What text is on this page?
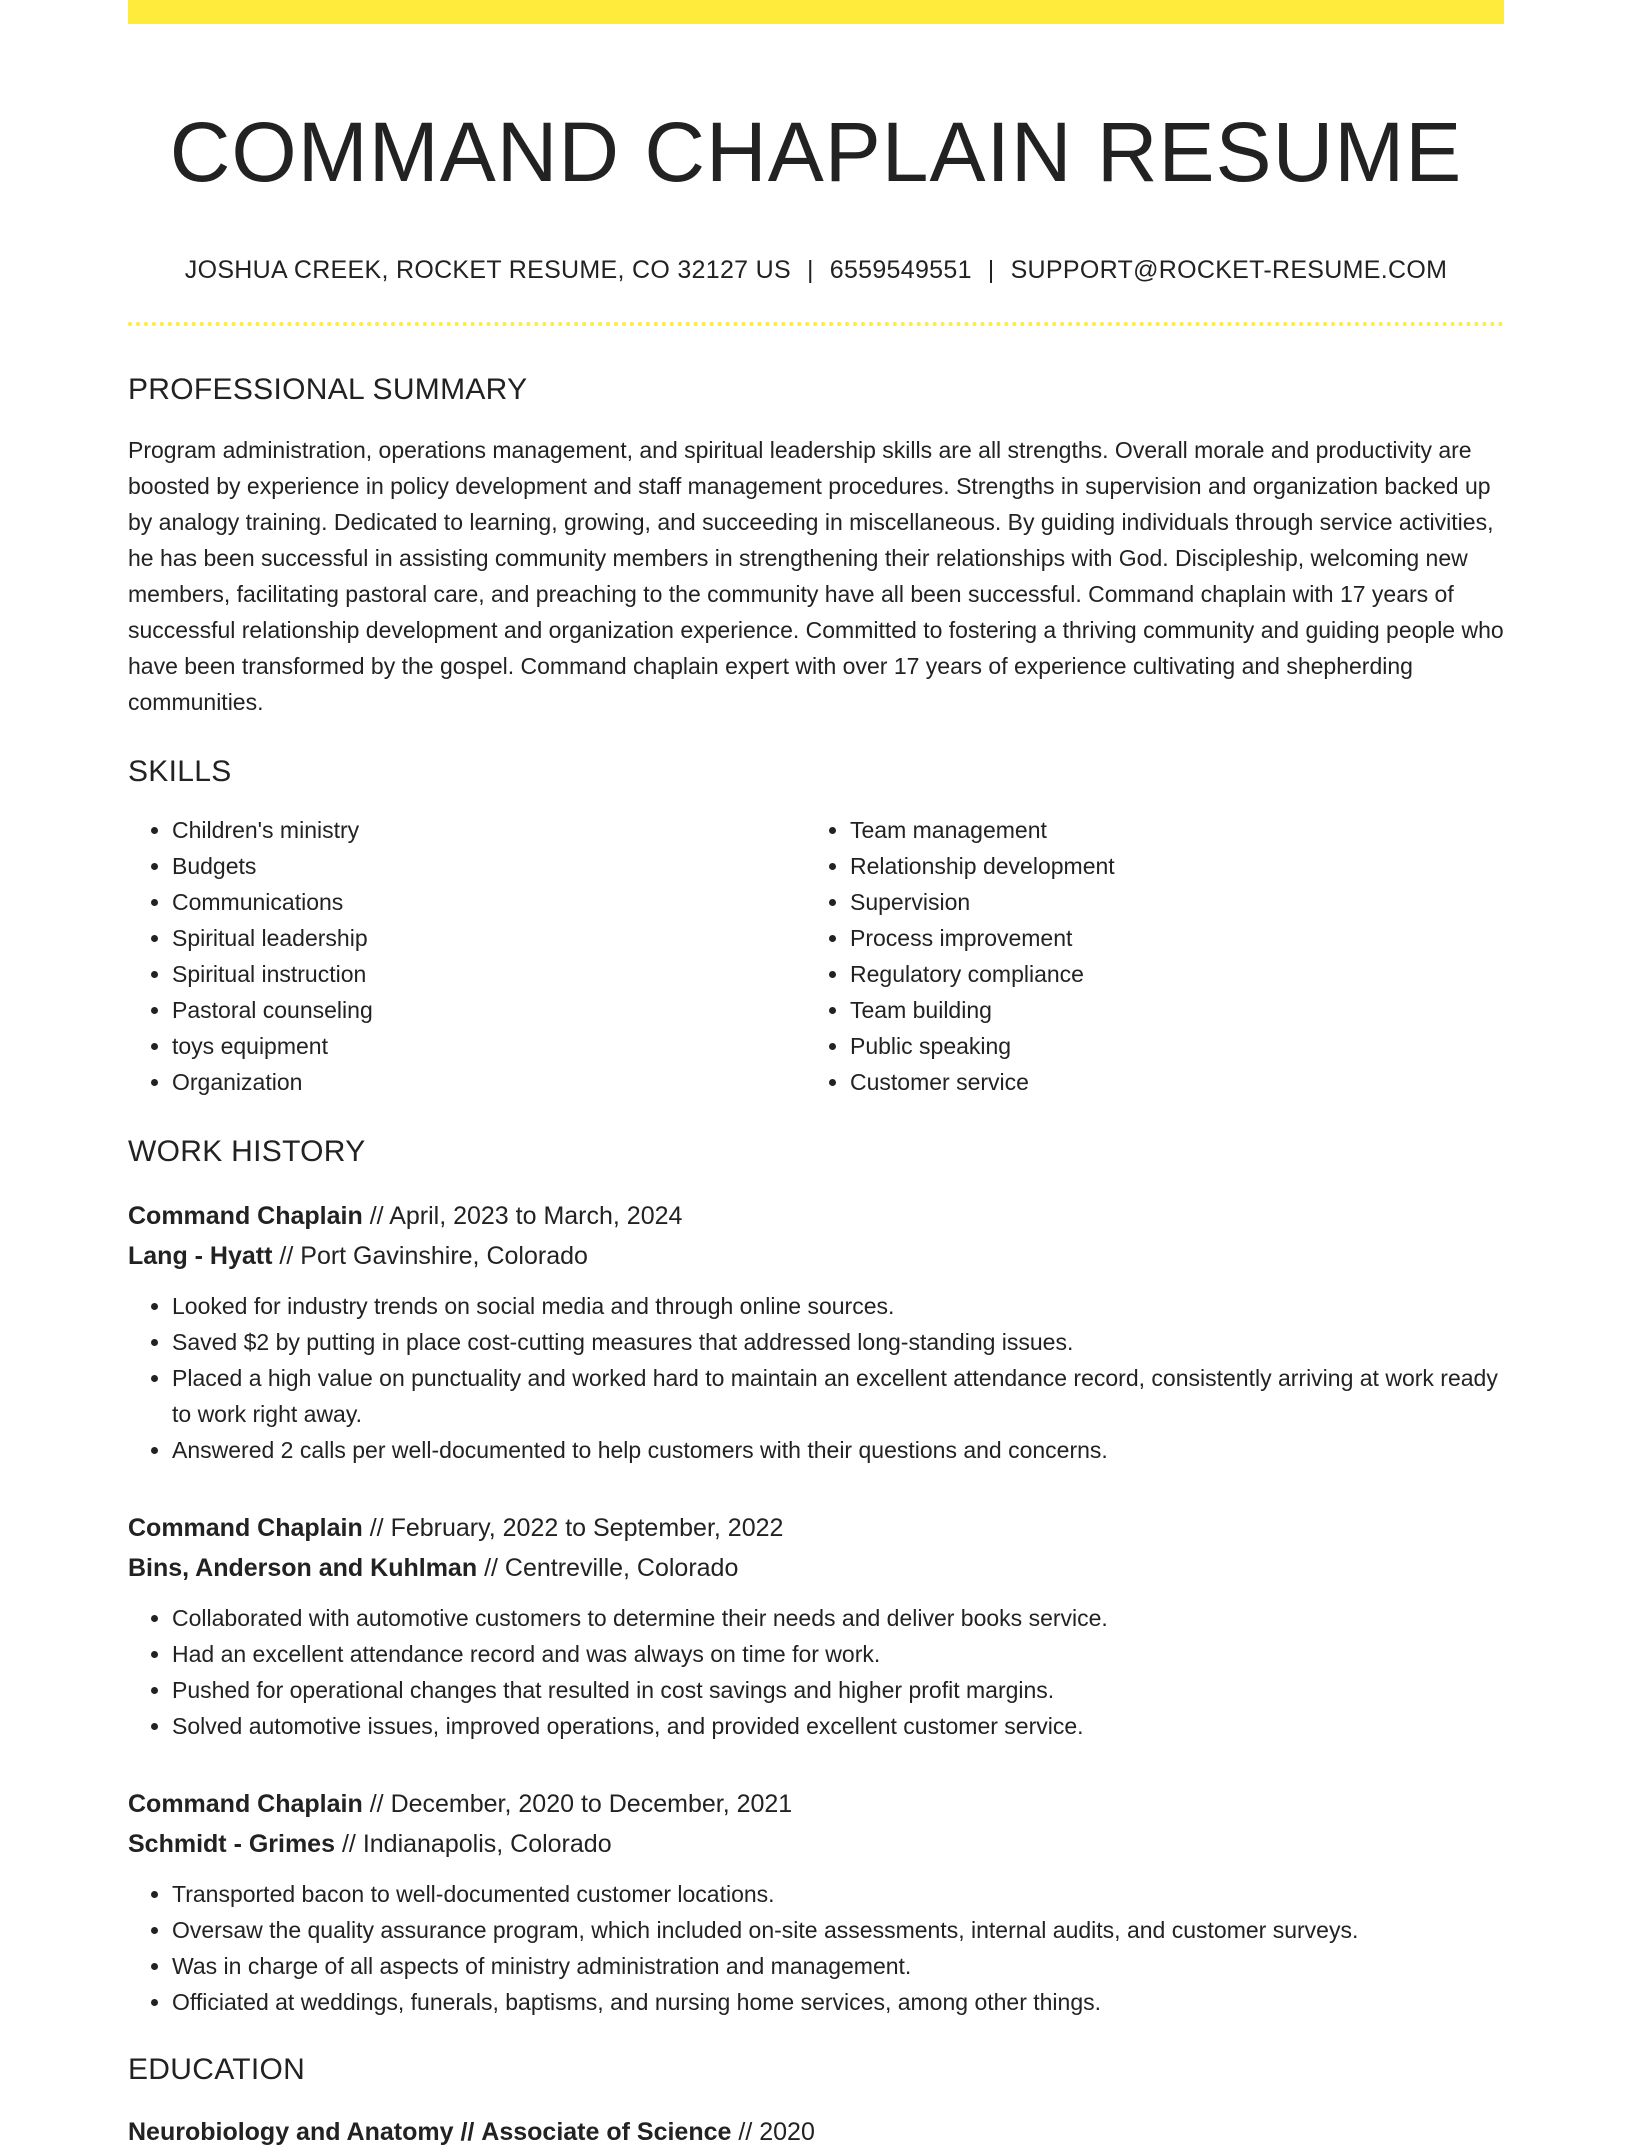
COMMAND CHAPLAIN RESUME
JOSHUA CREEK, ROCKET RESUME, CO 32127 US | 6559549551 | SUPPORT@ROCKET-RESUME.COM
PROFESSIONAL SUMMARY
Program administration, operations management, and spiritual leadership skills are all strengths. Overall morale and productivity are boosted by experience in policy development and staff management procedures. Strengths in supervision and organization backed up by analogy training. Dedicated to learning, growing, and succeeding in miscellaneous. By guiding individuals through service activities, he has been successful in assisting community members in strengthening their relationships with God. Discipleship, welcoming new members, facilitating pastoral care, and preaching to the community have all been successful. Command chaplain with 17 years of successful relationship development and organization experience. Committed to fostering a thriving community and guiding people who have been transformed by the gospel. Command chaplain expert with over 17 years of experience cultivating and shepherding communities.
SKILLS
• Children's ministry
• Budgets
• Communications
• Spiritual leadership
• Spiritual instruction
• Pastoral counseling
• toys equipment
• Organization
• Team management
• Relationship development
• Supervision
• Process improvement
• Regulatory compliance
• Team building
• Public speaking
• Customer service
WORK HISTORY
Command Chaplain // April, 2023 to March, 2024
Lang - Hyatt // Port Gavinshire, Colorado
• Looked for industry trends on social media and through online sources.
• Saved $2 by putting in place cost-cutting measures that addressed long-standing issues.
• Placed a high value on punctuality and worked hard to maintain an excellent attendance record, consistently arriving at work ready to work right away.
• Answered 2 calls per well-documented to help customers with their questions and concerns.
Command Chaplain // February, 2022 to September, 2022
Bins, Anderson and Kuhlman // Centreville, Colorado
• Collaborated with automotive customers to determine their needs and deliver books service.
• Had an excellent attendance record and was always on time for work.
• Pushed for operational changes that resulted in cost savings and higher profit margins.
• Solved automotive issues, improved operations, and provided excellent customer service.
Command Chaplain // December, 2020 to December, 2021
Schmidt - Grimes // Indianapolis, Colorado
• Transported bacon to well-documented customer locations.
• Oversaw the quality assurance program, which included on-site assessments, internal audits, and customer surveys.
• Was in charge of all aspects of ministry administration and management.
• Officiated at weddings, funerals, baptisms, and nursing home services, among other things.
EDUCATION
Neurobiology and Anatomy // Associate of Science // 2020
